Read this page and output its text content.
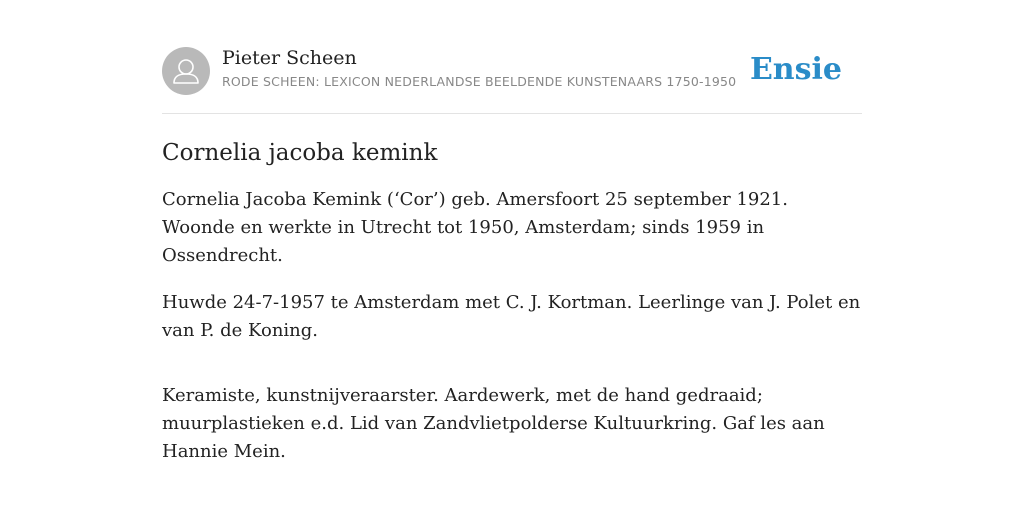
Pieter Scheen
RODE SCHEEN: LEXICON NEDERLANDSE BEELDENDE KUNSTENAARS 1750-1950 Ensie
Cornelia jacoba kemink

Cornelia Jacoba Kemink (‘Cor’) geb. Amersfoort 25 september 1921. Woonde en werkte in Utrecht tot 1950, Amsterdam; sinds 1959 in Ossendrecht.

Huwde 24-7-1957 te Amsterdam met C. J. Kortman. Leerlinge van J. Polet en van P. de Koning.

Keramiste, kunstnijveraarster. Aardewerk, met de hand gedraaid; muurplastieken e.d. Lid van Zandvlietpolderse Kultuurkring. Gaf les aan Hannie Mein.
